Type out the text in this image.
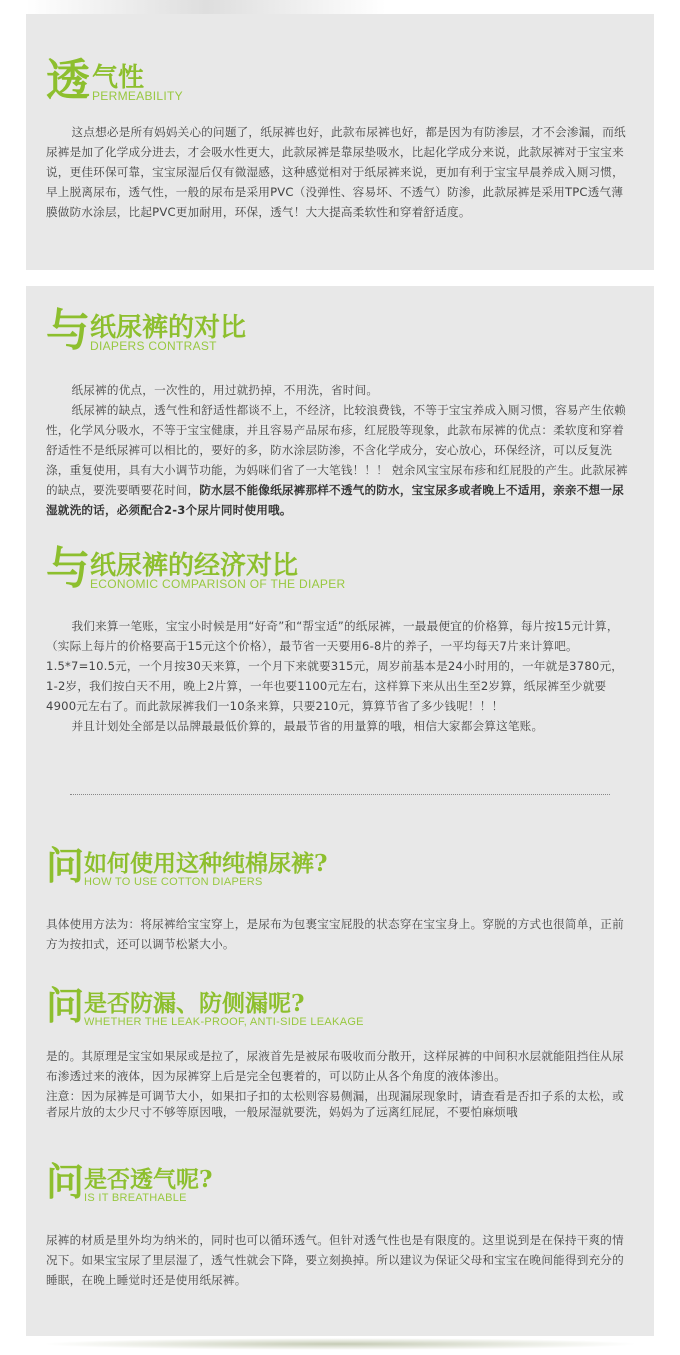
透 气性
PERMEABILITY

这点想必是所有妈妈关心的问题了，纸尿裤也好，此款布尿裤也好，都是因为有防渗层，才不会渗漏，而纸尿裤是加了化学成分进去，才会吸水性更大，此款尿裤是靠尿垫吸水，比起化学成分来说，此款尿裤对于宝宝来说，更佳环保可靠，宝宝尿湿后仅有微湿感，这种感觉相对于纸尿裤来说，更加有利于宝宝早晨养成入厕习惯，早上脱离尿布，透气性，一般的尿布是采用PVC（没弹性、容易坏、不透气）防渗，此款尿裤是采用TPC透气薄膜做防水涂层，比起PVC更加耐用，环保，透气！大大提高柔软性和穿着舒适度。

与 纸尿裤的对比
DIAPERS CONTRAST

纸尿裤的优点，一次性的，用过就扔掉，不用洗，省时间。

纸尿裤的缺点，透气性和舒适性都谈不上，不经济，比较浪费钱，不等于宝宝养成入厕习惯，容易产生依赖性，化学风分吸水，不等于宝宝健康，并且容易产品尿布疹，红屁股等现象，此款布尿裤的优点：柔软度和穿着舒适性不是纸尿裤可以相比的，要好的多，防水涂层防渗，不含化学成分，安心放心，环保经济，可以反复洗涤，重复使用，具有大小调节功能，为妈咪们省了一大笔钱！！！ 尅余风宝宝尿布疹和红屁股的产生。此款尿裤的缺点，要洗要晒要花时间，防水层不能像纸尿裤那样不透气的防水，宝宝尿多或者晚上不适用，亲亲不想一尿湿就洗的话，必须配合2-3个尿片同时使用哦。

与 纸尿裤的经济对比
ECONOMIC COMPARISON OF THE DIAPER

我们来算一笔账，宝宝小时候是用“好奇”和“帮宝适”的纸尿裤，一最最便宜的价格算，每片按15元计算，（实际上每片的价格要高于15元这个价格），最节省一天要用6-8片的养子，一平均每天7片来计算吧。1.5*7=10.5元，一个月按30天来算，一个月下来就要315元，周岁前基本是24小时用的，一年就是3780元，1-2岁，我们按白天不用，晚上2片算，一年也要1100元左右，这样算下来从出生至2岁算，纸尿裤至少就要4900元左右了。而此款尿裤我们一10条来算，只要210元，算算节省了多少钱呢！！！

并且计划处全部是以品牌最最低价算的，最最节省的用量算的哦，相信大家都会算这笔账。

问 如何使用这种纯棉尿裤?
HOW TO USE COTTON DIAPERS

具体使用方法为：将尿裤给宝宝穿上，是尿布为包裹宝宝屁股的状态穿在宝宝身上。穿脱的方式也很简单，正前方为按扣式，还可以调节松紧大小。

问 是否防漏、防侧漏呢?
WHETHER THE LEAK-PROOF, ANTI-SIDE LEAKAGE

是的。其原理是宝宝如果尿或是拉了，尿液首先是被尿布吸收而分散开，这样尿裤的中间积水层就能阻挡住从尿布渗透过来的液体，因为尿裤穿上后是完全包裹着的，可以防止从各个角度的液体渗出。

注意：因为尿裤是可调节大小，如果扣子扣的太松则容易侧漏，出现漏尿现象时，请查看是否扣子系的太松，或者尿片放的太少尺寸不够等原因哦，一般尿湿就要洗，妈妈为了远离红屁屁，不要怕麻烦哦

问 是否透气呢?
IS IT BREATHABLE

尿裤的材质是里外均为纳米的，同时也可以循环透气。但针对透气性也是有限度的。这里说到是在保持干爽的情况下。如果宝宝尿了里层湿了，透气性就会下降，要立刻换掉。所以建议为保证父母和宝宝在晚间能得到充分的睡眠，在晚上睡觉时还是使用纸尿裤。
